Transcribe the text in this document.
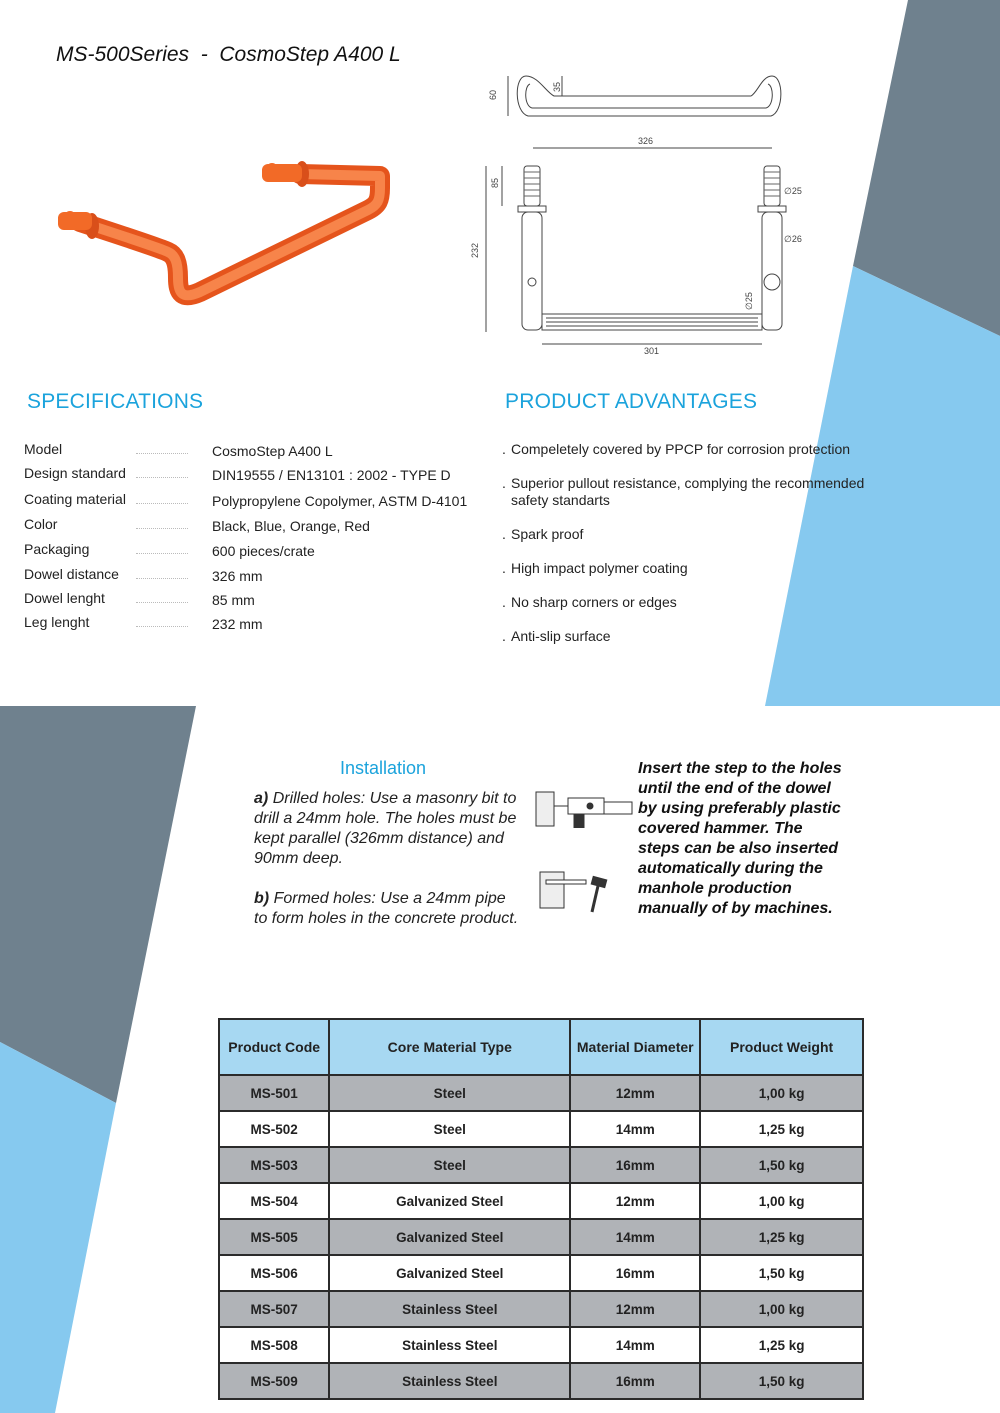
MS-500Series  -  CosmoStep A400 L
60
35
326
85
232
∅25
∅26
∅25
301
SPECIFICATIONS
Model	CosmoStep A400 L
Design standard	DIN19555 / EN13101 : 2002 - TYPE D
Coating material	Polypropylene Copolymer, ASTM D-4101
Color	Black, Blue, Orange, Red
Packaging	600 pieces/crate
Dowel distance	326 mm
Dowel lenght	85 mm
Leg lenght	232 mm
PRODUCT ADVANTAGES
. Compeletely covered by PPCP for corrosion protection
. Superior pullout resistance, complying the recommended safety standarts
. Spark proof
. High impact polymer coating
. No sharp corners or edges
. Anti-slip surface
Installation
a) Drilled holes: Use a masonry bit to drill a 24mm hole. The holes must be kept parallel (326mm distance) and 90mm deep.
b) Formed holes: Use a 24mm pipe to form holes in the concrete product.
Insert the step to the holes until the end of the dowel by using preferably plastic covered hammer. The steps can be also inserted automatically during the manhole production manually of by machines.
Product Code	Core Material Type	Material Diameter	Product Weight
MS-501	Steel	12mm	1,00 kg
MS-502	Steel	14mm	1,25 kg
MS-503	Steel	16mm	1,50 kg
MS-504	Galvanized Steel	12mm	1,00 kg
MS-505	Galvanized Steel	14mm	1,25 kg
MS-506	Galvanized Steel	16mm	1,50 kg
MS-507	Stainless Steel	12mm	1,00 kg
MS-508	Stainless Steel	14mm	1,25 kg
MS-509	Stainless Steel	16mm	1,50 kg
